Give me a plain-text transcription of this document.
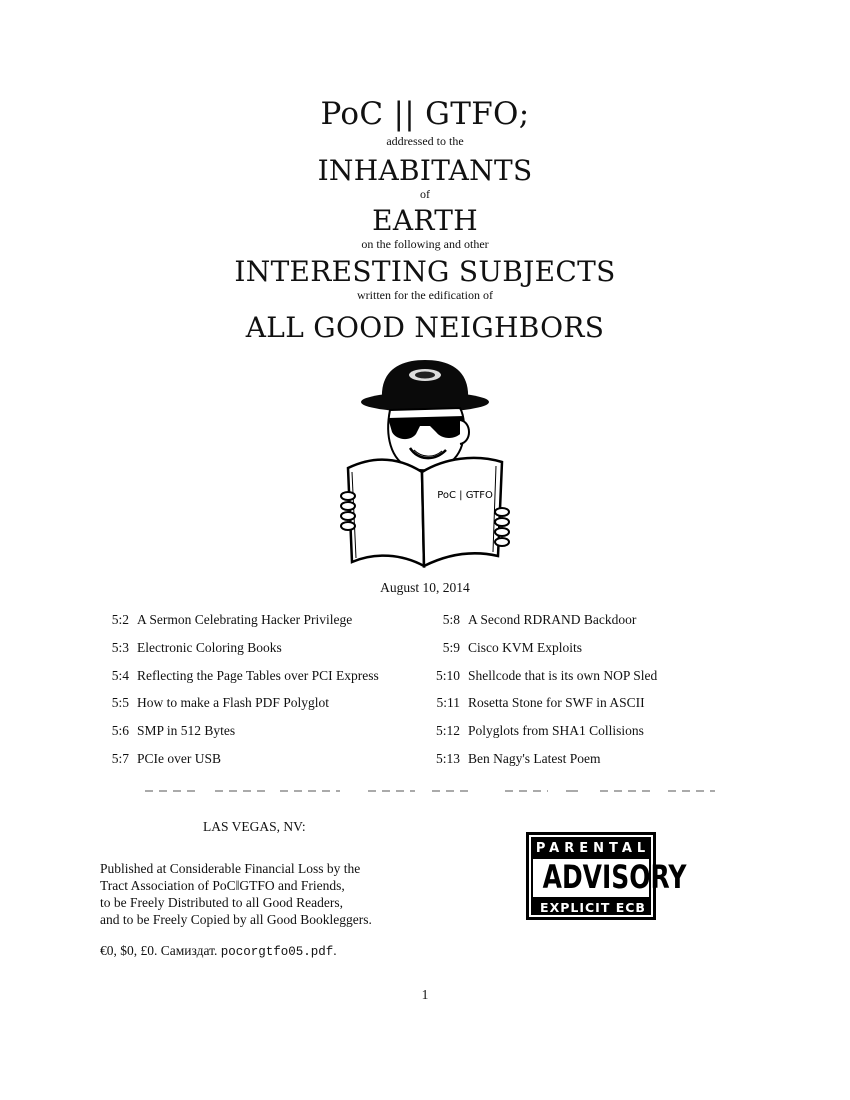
PoC || GTFO;
addressed to the
INHABITANTS
of
EARTH
on the following and other
INTERESTING SUBJECTS
written for the edification of
ALL GOOD NEIGHBORS
PoC | GTFO
August 10, 2014
5:2 A Sermon Celebrating Hacker Privilege
5:3 Electronic Coloring Books
5:4 Reflecting the Page Tables over PCI Express
5:5 How to make a Flash PDF Polyglot
5:6 SMP in 512 Bytes
5:7 PCIe over USB
5:8 A Second RDRAND Backdoor
5:9 Cisco KVM Exploits
5:10 Shellcode that is its own NOP Sled
5:11 Rosetta Stone for SWF in ASCII
5:12 Polyglots from SHA1 Collisions
5:13 Ben Nagy's Latest Poem
LAS VEGAS, NV:
Published at Considerable Financial Loss by the
Tract Association of PoC‖GTFO and Friends,
to be Freely Distributed to all Good Readers,
and to be Freely Copied by all Good Bookleggers.
€0, $0, £0. Самиздат. pocorgtfo05.pdf.
PARENTAL
ADVISORY
EXPLICIT ECB
1
